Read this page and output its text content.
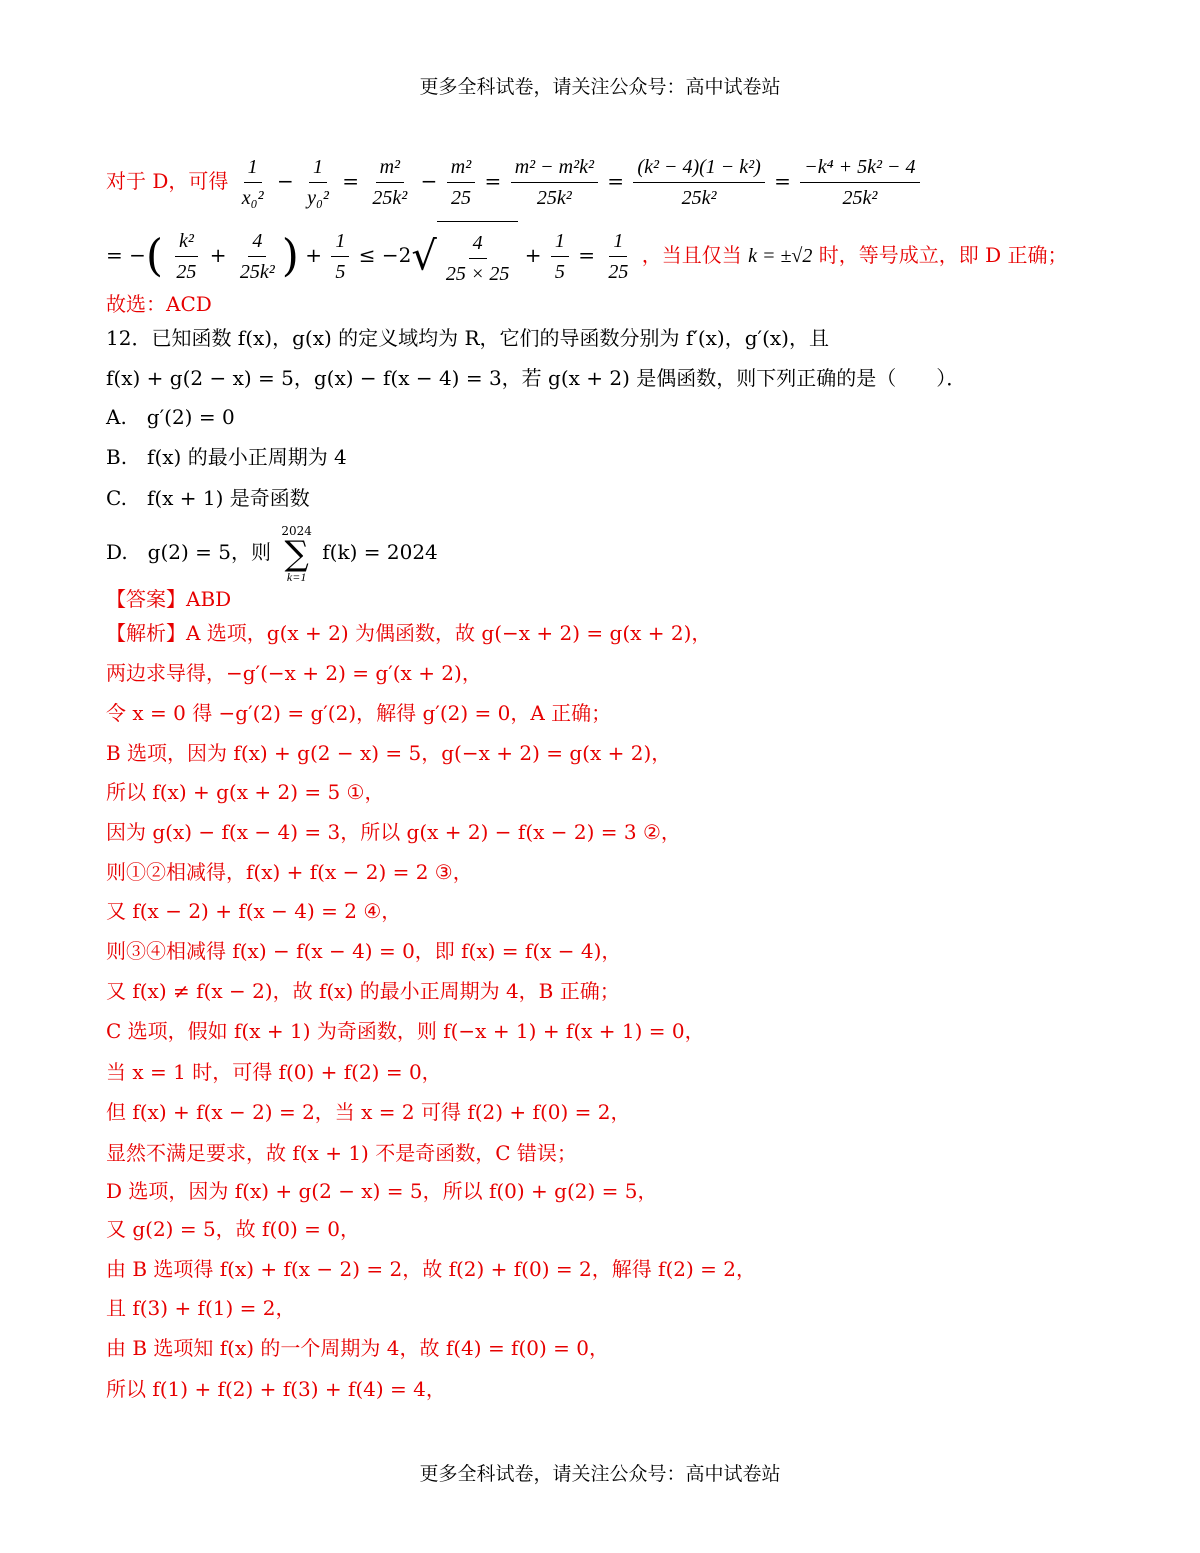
更多全科试卷，请关注公众号：高中试卷站
对于 D，可得 $\frac{1}{\text{x₀²}} - \frac{1}{\text{y₀²}} = \frac{\text{m²}}{\text{25k²}} - \frac{\text{m²}}{25} = \frac{\text{m² − m²k²}}{\text{25k²}} = \frac{\text{(k² − 4)(1 − k²)}}{\text{25k²}} = \frac{\text{−k⁴ + 5k² − 4}}{\text{25k²}}$
= −( $\frac{\text{k²}}{25} + \frac{4}{\text{25k²}}$ ) + $\frac{1}{5} \le -2√ \frac{4}{25 \times 25} + \frac{1}{5} = \frac{1}{25}$ ，当且仅当 k = ±√2 时，等号成立，即 D 正确；
故选：ACD
12．已知函数 f(x)，g(x) 的定义域均为 R，它们的导函数分别为 f′(x)，g′(x)，且
f(x) + g(2 − x) = 5，g(x) − f(x − 4) = 3，若 g(x + 2) 是偶函数，则下列正确的是（　　）．
A.　g′(2) = 0
B.　f(x) 的最小正周期为 4
C.　f(x + 1) 是奇函数
D.　g(2) = 5，则
2024
∑
k=1
f(k) = 2024
【答案】ABD
【解析】A 选项，g(x + 2) 为偶函数，故 g(−x + 2) = g(x + 2)，
两边求导得，−g′(−x + 2) = g′(x + 2)，
令 x = 0 得 −g′(2) = g′(2)，解得 g′(2) = 0，A 正确；
B 选项，因为 f(x) + g(2 − x) = 5，g(−x + 2) = g(x + 2)，
所以 f(x) + g(x + 2) = 5 ①，
因为 g(x) − f(x − 4) = 3，所以 g(x + 2) − f(x − 2) = 3 ②，
则①②相减得，f(x) + f(x − 2) = 2 ③，
又 f(x − 2) + f(x − 4) = 2 ④，
则③④相减得 f(x) − f(x − 4) = 0，即 f(x) = f(x − 4)，
又 f(x) ≠ f(x − 2)，故 f(x) 的最小正周期为 4，B 正确；
C 选项，假如 f(x + 1) 为奇函数，则 f(−x + 1) + f(x + 1) = 0，
当 x = 1 时，可得 f(0) + f(2) = 0，
但 f(x) + f(x − 2) = 2，当 x = 2 可得 f(2) + f(0) = 2，
显然不满足要求，故 f(x + 1) 不是奇函数，C 错误；
D 选项，因为 f(x) + g(2 − x) = 5，所以 f(0) + g(2) = 5，
又 g(2) = 5，故 f(0) = 0，
由 B 选项得 f(x) + f(x − 2) = 2，故 f(2) + f(0) = 2，解得 f(2) = 2，
且 f(3) + f(1) = 2，
由 B 选项知 f(x) 的一个周期为 4，故 f(4) = f(0) = 0，
所以 f(1) + f(2) + f(3) + f(4) = 4，
更多全科试卷，请关注公众号：高中试卷站
